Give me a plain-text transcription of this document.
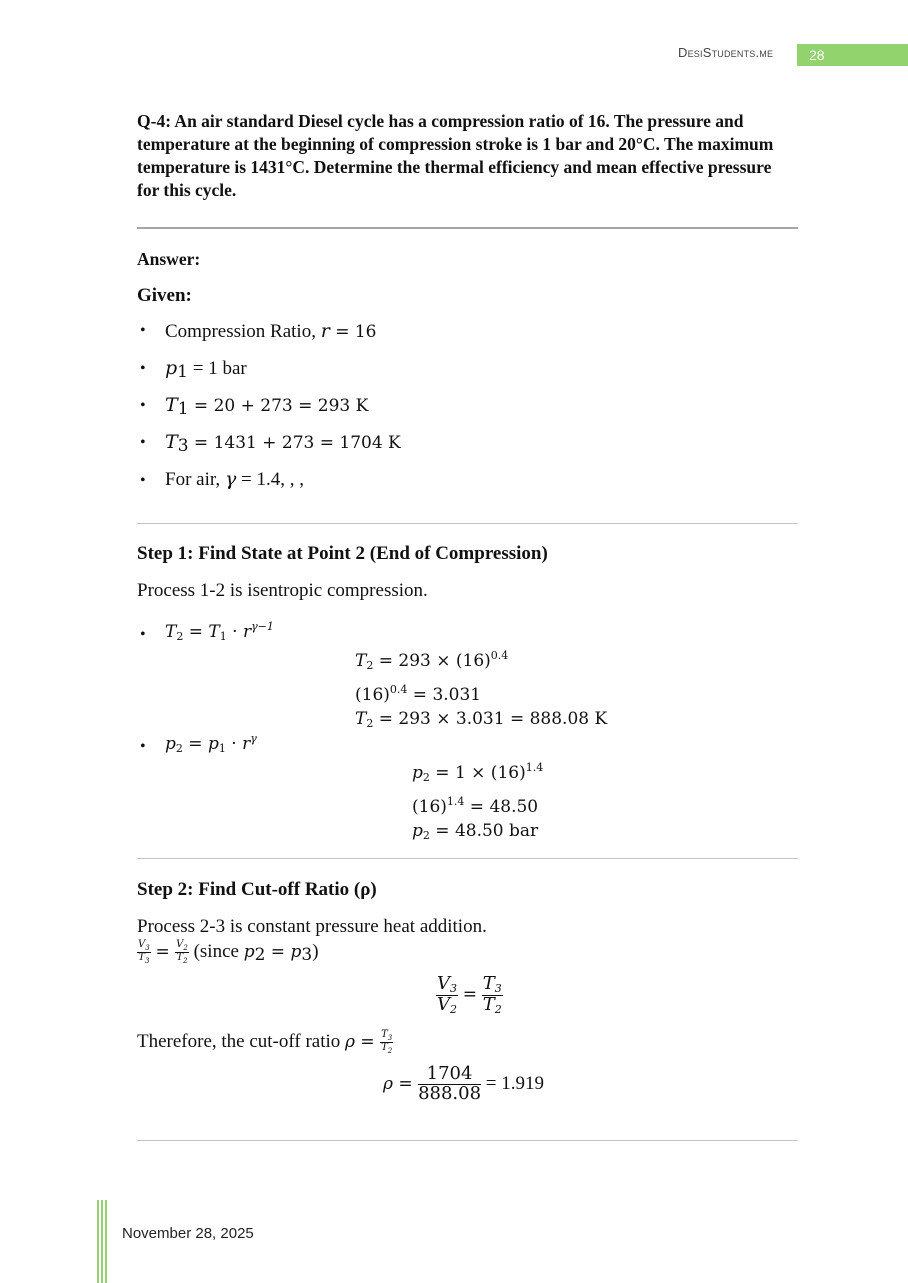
DesiStudents.me	28
Q-4: An air standard Diesel cycle has a compression ratio of 16. The pressure and temperature at the beginning of compression stroke is 1 bar and 20°C. The maximum temperature is 1431°C. Determine the thermal efficiency and mean effective pressure for this cycle.
Answer:
Given:
• Compression Ratio, r = 16
• $p_1 = 1$ bar
• $T_1 = 20 + 273 = 293$ K
• $T_3 = 1431 + 273 = 1704$ K
• For air, γ = 1.4, , ,
Step 1: Find State at Point 2 (End of Compression)
Process 1-2 is isentropic compression.
• $T_2 = T_1 \cdot r^{\gamma-1}$
$T_2 = 293 \times (16)^{0.4}$
$(16)^{0.4} = 3.031$
$T_2 = 293 \times 3.031 = 888.08$ K
• $p_2 = p_1 \cdot r^\gamma$
$p_2 = 1 \times (16)^{1.4}$
$(16)^{1.4} = 48.50$
$p_2 = 48.50$ bar
Step 2: Find Cut-off Ratio (ρ)
Process 2-3 is constant pressure heat addition.
$\frac{V_3}{T_3} = \frac{V_2}{T_2}$ (since $p_2 = p_3$)
$\frac{V_3}{V_2} = \frac{T_3}{T_2}$
Therefore, the cut-off ratio $\rho = \frac{T_3}{T_2}$
$\rho = \frac{1704}{888.08} = 1.919$
November 28, 2025
